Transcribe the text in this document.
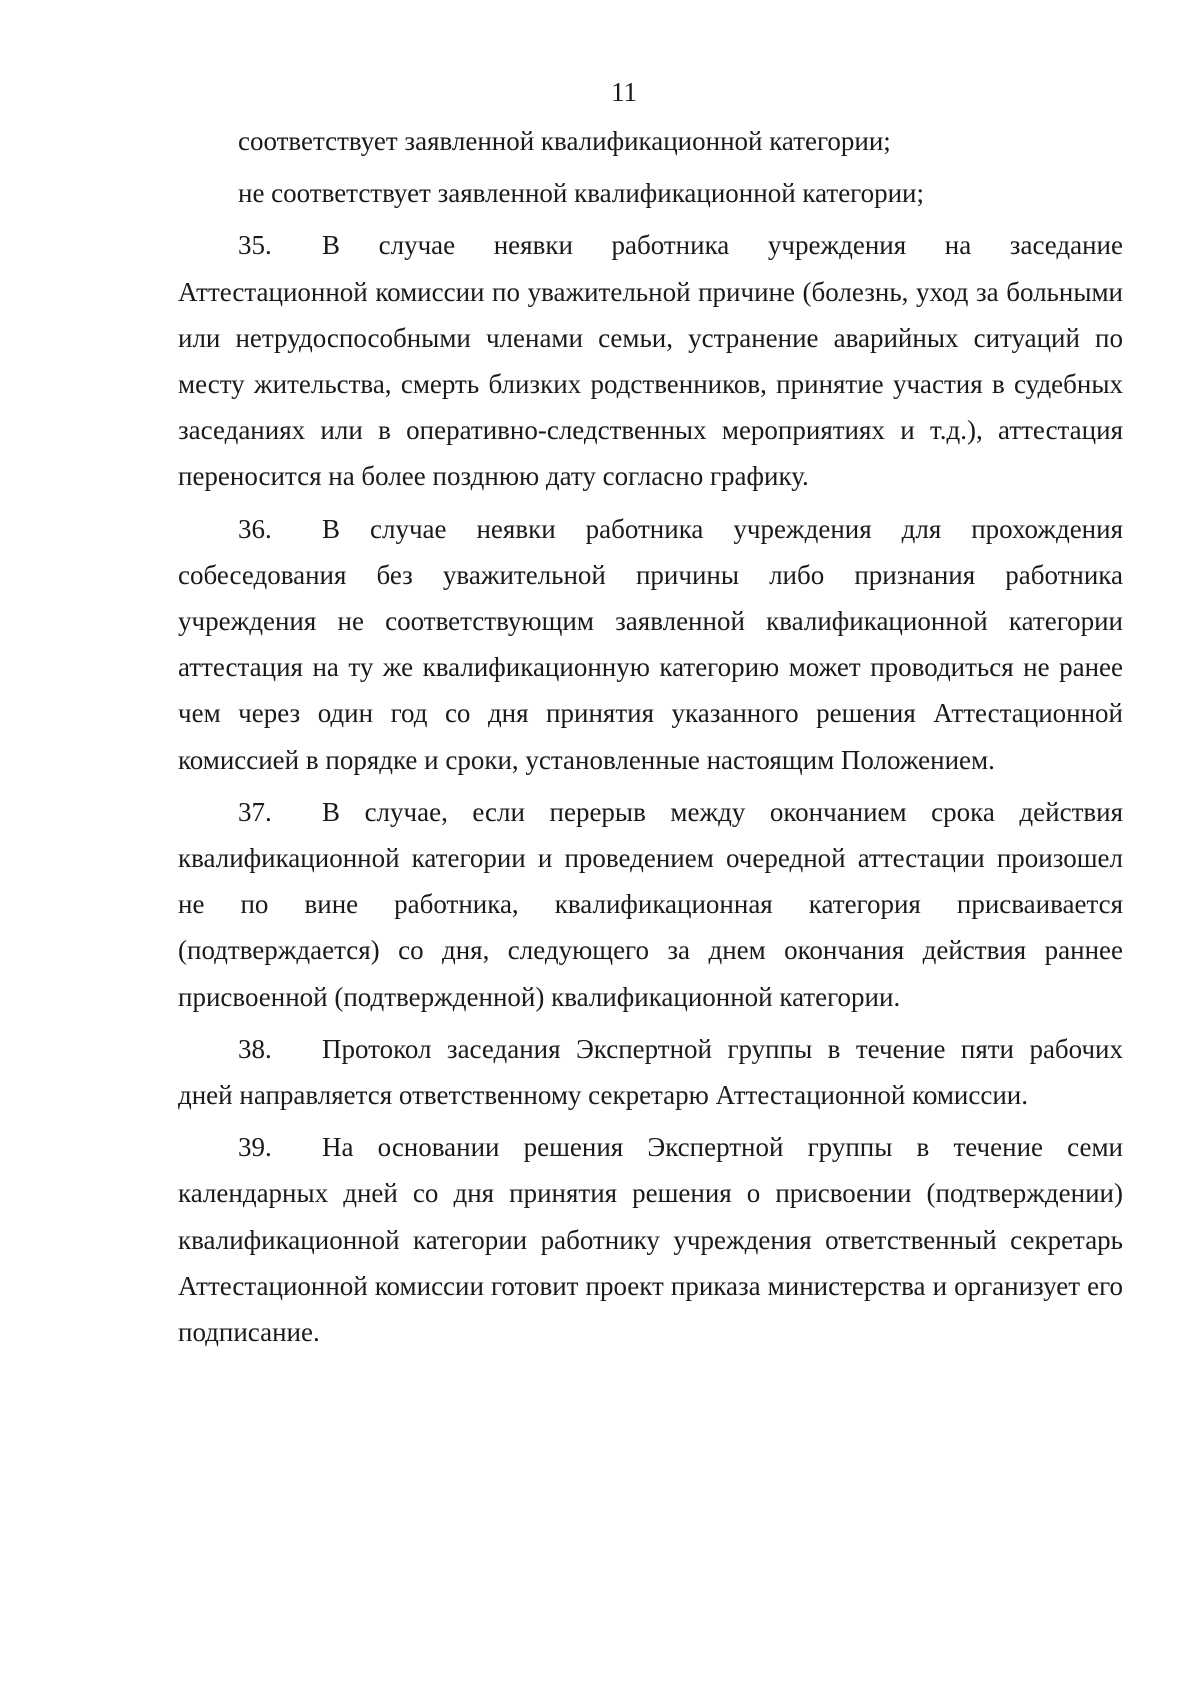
11

соответствует заявленной квалификационной категории;

не соответствует заявленной квалификационной категории;

35. В случае неявки работника учреждения на заседание Аттестационной комиссии по уважительной причине (болезнь, уход за больными или нетрудоспособными членами семьи, устранение аварийных ситуаций по месту жительства, смерть близких родственников, принятие участия в судебных заседаниях или в оперативно-следственных мероприятиях и т.д.), аттестация переносится на более позднюю дату согласно графику.

36. В случае неявки работника учреждения для прохождения собеседования без уважительной причины либо признания работника учреждения не соответствующим заявленной квалификационной категории аттестация на ту же квалификационную категорию может проводиться не ранее чем через один год со дня принятия указанного решения Аттестационной комиссией в порядке и сроки, установленные настоящим Положением.

37. В случае, если перерыв между окончанием срока действия квалификационной категории и проведением очередной аттестации произошел не по вине работника, квалификационная категория присваивается (подтверждается) со дня, следующего за днем окончания действия раннее присвоенной (подтвержденной) квалификационной категории.

38. Протокол заседания Экспертной группы в течение пяти рабочих дней направляется ответственному секретарю Аттестационной комиссии.

39. На основании решения Экспертной группы в течение семи календарных дней со дня принятия решения о присвоении (подтверждении) квалификационной категории работнику учреждения ответственный секретарь Аттестационной комиссии готовит проект приказа министерства и организует его подписание.
